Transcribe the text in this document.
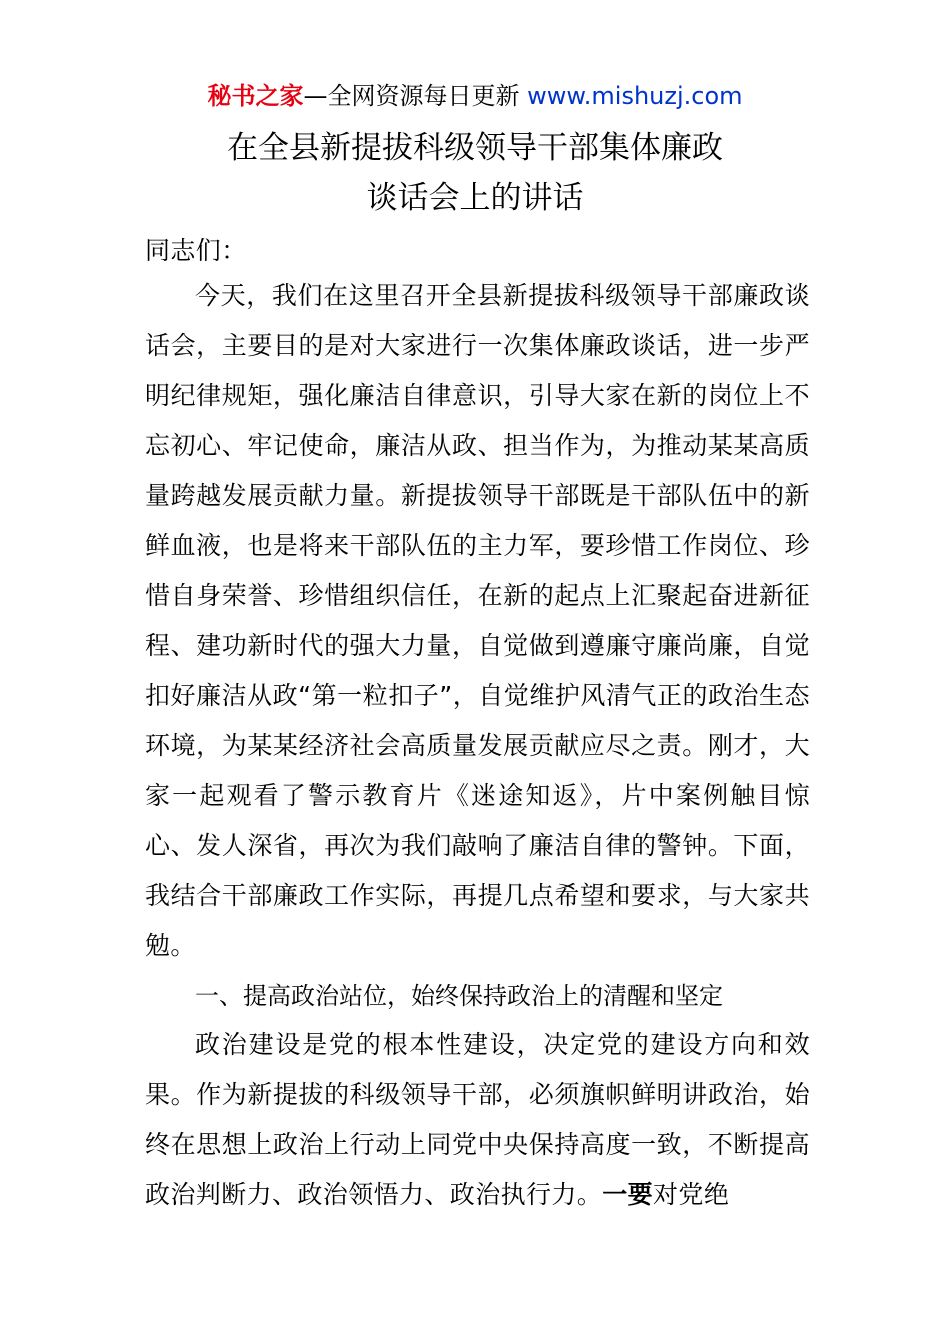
秘书之家—全网资源每日更新 www.mishuzj.com
在全县新提拔科级领导干部集体廉政
谈话会上的讲话
同志们：

今天，我们在这里召开全县新提拔科级领导干部廉政谈话会，主要目的是对大家进行一次集体廉政谈话，进一步严明纪律规矩，强化廉洁自律意识，引导大家在新的岗位上不忘初心、牢记使命，廉洁从政、担当作为，为推动某某高质量跨越发展贡献力量。新提拔领导干部既是干部队伍中的新鲜血液，也是将来干部队伍的主力军，要珍惜工作岗位、珍惜自身荣誉、珍惜组织信任，在新的起点上汇聚起奋进新征程、建功新时代的强大力量，自觉做到遵廉守廉尚廉，自觉扣好廉洁从政“第一粒扣子”，自觉维护风清气正的政治生态环境，为某某经济社会高质量发展贡献应尽之责。刚才，大家一起观看了警示教育片《迷途知返》，片中案例触目惊心、发人深省，再次为我们敲响了廉洁自律的警钟。下面，我结合干部廉政工作实际，再提几点希望和要求，与大家共勉。

一、提高政治站位，始终保持政治上的清醒和坚定

政治建设是党的根本性建设，决定党的建设方向和效果。作为新提拔的科级领导干部，必须旗帜鲜明讲政治，始终在思想上政治上行动上同党中央保持高度一致，不断提高政治判断力、政治领悟力、政治执行力。一要对党绝
